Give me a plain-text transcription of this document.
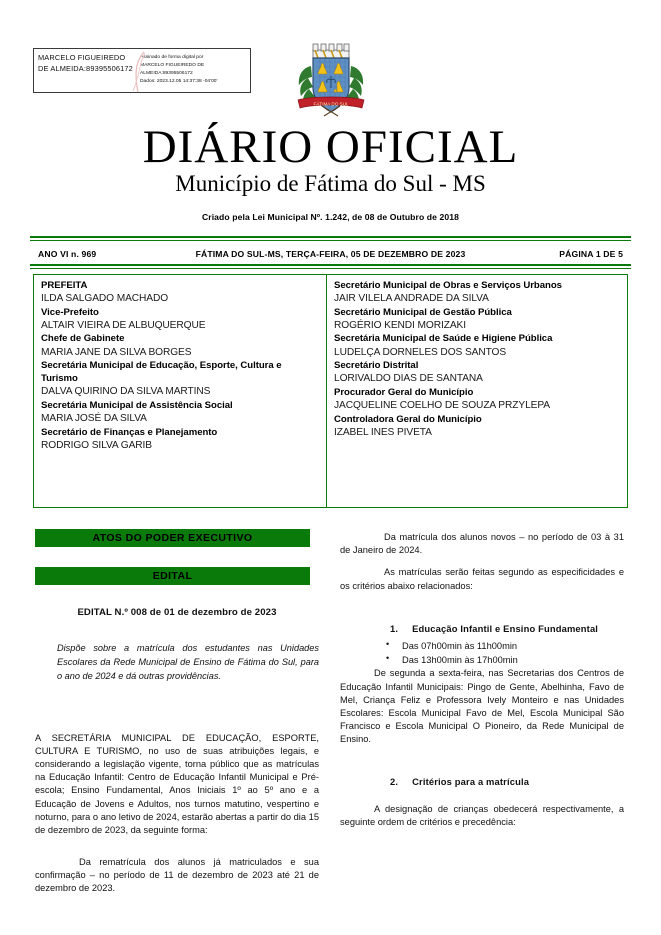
MARCELO FIGUEIREDO DE ALMEIDA:89395506172
Assinado de forma digital por
MARCELO FIGUEIREDO DE
ALMEIDA:89395506172
Dados: 2023.12.05 14:37:38 -04'00'
FÁTIMA DO SUL
DIÁRIO OFICIAL
Município de Fátima do Sul - MS
Criado pela Lei Municipal Nº. 1.242, de 08 de Outubro de 2018
ANO VI n. 969	FÁTIMA DO SUL-MS, TERÇA-FEIRA, 05 DE DEZEMBRO DE 2023	PÁGINA 1 DE 5
PREFEITA
ILDA SALGADO MACHADO
Vice-Prefeito
ALTAIR VIEIRA DE ALBUQUERQUE
Chefe de Gabinete
MARIA JANE DA SILVA BORGES
Secretária Municipal de Educação, Esporte, Cultura e Turismo
DALVA QUIRINO DA SILVA MARTINS
Secretária Municipal de Assistência Social
MARIA JOSÉ DA SILVA
Secretário de Finanças e Planejamento
RODRIGO SILVA GARIB
Secretário Municipal de Obras e Serviços Urbanos
JAIR VILELA ANDRADE DA SILVA
Secretário Municipal de Gestão Pública
ROGÉRIO KENDI MORIZAKI
Secretária Municipal de Saúde e Higiene Pública
LUDELÇA DORNELES DOS SANTOS
Secretário Distrital
LORIVALDO DIAS DE SANTANA
Procurador Geral do Município
JACQUELINE COELHO DE SOUZA PRZYLEPA
Controladora Geral do Município
IZABEL INES PIVETA
ATOS DO PODER EXECUTIVO
EDITAL
EDITAL N.º 008 de 01 de dezembro de 2023
Dispõe sobre a matrícula dos estudantes nas Unidades Escolares da Rede Municipal de Ensino de Fátima do Sul, para o ano de 2024 e dá outras providências.

A SECRETÁRIA MUNICIPAL DE EDUCAÇÃO, ESPORTE, CULTURA E TURISMO, no uso de suas atribuições legais, e considerando a legislação vigente, torna público que as matrículas na Educação Infantil: Centro de Educação Infantil Municipal e Pré-escola; Ensino Fundamental, Anos Iniciais 1º ao 5º ano e a Educação de Jovens e Adultos, nos turnos matutino, vespertino e noturno, para o ano letivo de 2024, estarão abertas a partir do dia 15 de dezembro de 2023, da seguinte forma:

Da rematrícula dos alunos já matriculados e sua confirmação – no período de 11 de dezembro de 2023 até 21 de dezembro de 2023.

Da matrícula dos alunos novos – no período de 03 à 31 de Janeiro de 2024.

As matrículas serão feitas segundo as especificidades e os critérios abaixo relacionados:

1. Educação Infantil e Ensino Fundamental
• Das 07h00min às 11h00min
• Das 13h00min às 17h00min

De segunda a sexta-feira, nas Secretarias dos Centros de Educação Infantil Municipais: Pingo de Gente, Abelhinha, Favo de Mel, Criança Feliz e Professora Ively Monteiro e nas Unidades Escolares: Escola Municipal Favo de Mel, Escola Municipal São Francisco e Escola Municipal O Pioneiro, da Rede Municipal de Ensino.

2. Critérios para a matrícula

A designação de crianças obedecerá respectivamente, a seguinte ordem de critérios e precedência:
